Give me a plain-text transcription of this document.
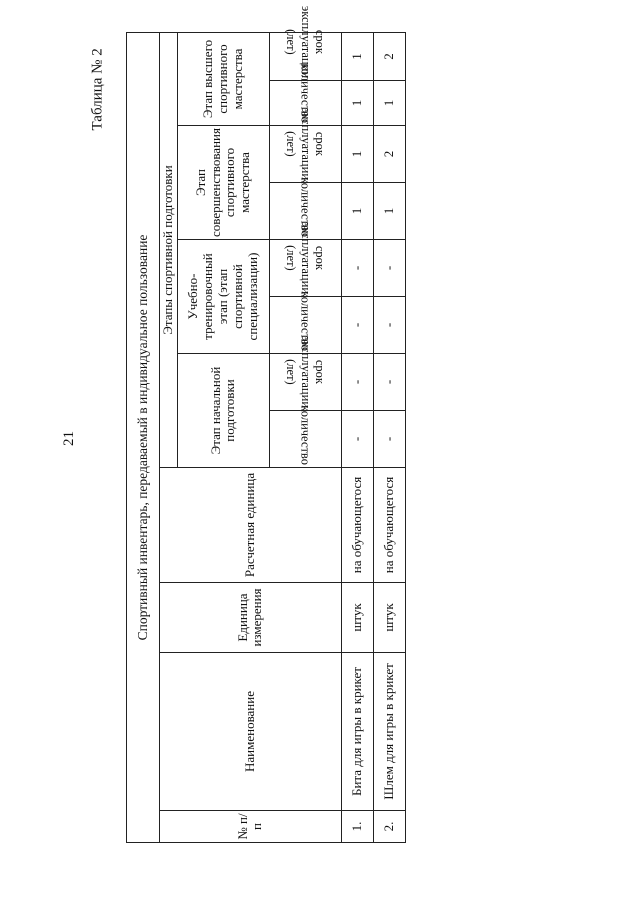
21
Таблица № 2
Спортивный инвентарь, передаваемый в индивидуальное пользование											
№ п/п	Наименование	Единица измерения	Расчетная единица	Этапы спортивной подготовки							
				Этап начальной подготовки		Учебно-тренировочный этап (этап спортивной специализации)		Этап совершенствования спортивного мастерства		Этап высшего спортивного мастерства	
				количество	срок эксплуатации (лет)	количество	срок эксплуатации (лет)	количество	срок эксплуатации (лет)	количество	срок эксплуатации (лет)
1.	Бита для игры в крикет	штук	на обучающегося	-	-	-	-	1	1	1	1
2.	Шлем для игры в крикет	штук	на обучающегося	-	-	-	-	1	2	1	2
